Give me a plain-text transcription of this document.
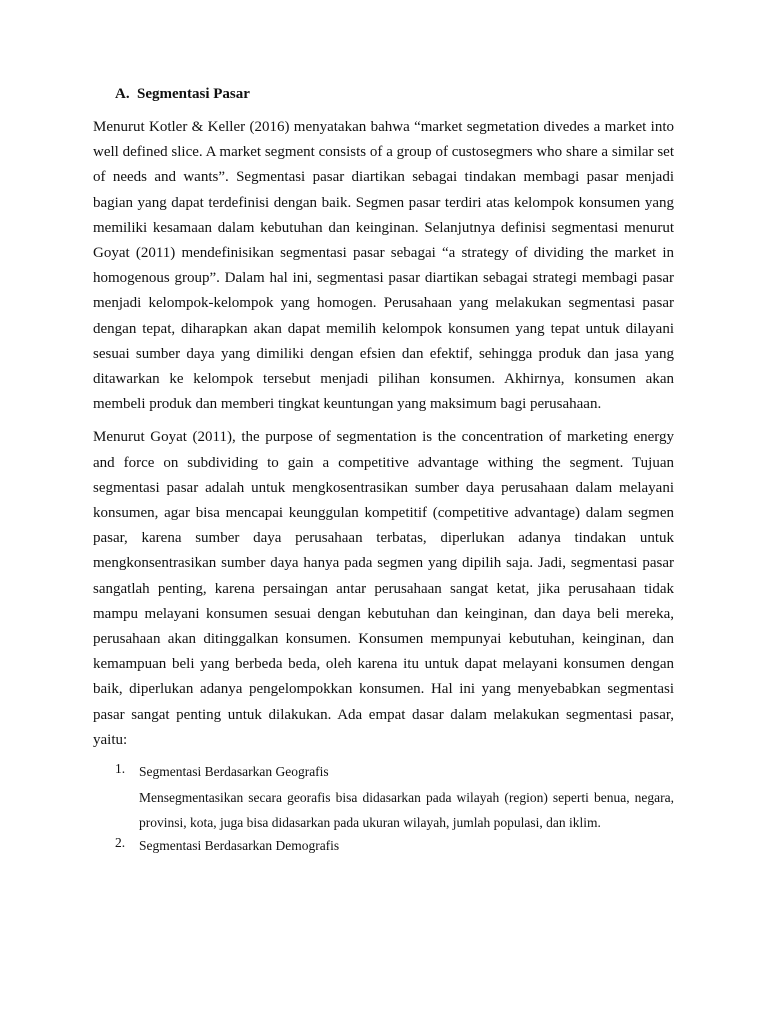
A. Segmentasi Pasar

Menurut Kotler & Keller (2016) menyatakan bahwa “market segmetation divedes a market into well defined slice. A market segment consists of a group of custosegmers who share a similar set of needs and wants”. Segmentasi pasar diartikan sebagai tindakan membagi pasar menjadi bagian yang dapat terdefinisi dengan baik. Segmen pasar terdiri atas kelompok konsumen yang memiliki kesamaan dalam kebutuhan dan keinginan. Selanjutnya definisi segmentasi menurut Goyat (2011) mendefinisikan segmentasi pasar sebagai “a strategy of dividing the market in homogenous group”. Dalam hal ini, segmentasi pasar diartikan sebagai strategi membagi pasar menjadi kelompok-kelompok yang homogen. Perusahaan yang melakukan segmentasi pasar dengan tepat, diharapkan akan dapat memilih kelompok konsumen yang tepat untuk dilayani sesuai sumber daya yang dimiliki dengan efsien dan efektif, sehingga produk dan jasa yang ditawarkan ke kelompok tersebut menjadi pilihan konsumen. Akhirnya, konsumen akan membeli produk dan memberi tingkat keuntungan yang maksimum bagi perusahaan.

Menurut Goyat (2011), the purpose of segmentation is the concentration of marketing energy and force on subdividing to gain a competitive advantage withing the segment. Tujuan segmentasi pasar adalah untuk mengkosentrasikan sumber daya perusahaan dalam melayani konsumen, agar bisa mencapai keunggulan kompetitif (competitive advantage) dalam segmen pasar, karena sumber daya perusahaan terbatas, diperlukan adanya tindakan untuk mengkonsentrasikan sumber daya hanya pada segmen yang dipilih saja. Jadi, segmentasi pasar sangatlah penting, karena persaingan antar perusahaan sangat ketat, jika perusahaan tidak mampu melayani konsumen sesuai dengan kebutuhan dan keinginan, dan daya beli mereka, perusahaan akan ditinggalkan konsumen. Konsumen mempunyai kebutuhan, keinginan, dan kemampuan beli yang berbeda beda, oleh karena itu untuk dapat melayani konsumen dengan baik, diperlukan adanya pengelompokkan konsumen. Hal ini yang menyebabkan segmentasi pasar sangat penting untuk dilakukan. Ada empat dasar dalam melakukan segmentasi pasar, yaitu:

1. Segmentasi Berdasarkan Geografis
Mensegmentasikan secara georafis bisa didasarkan pada wilayah (region) seperti benua, negara, provinsi, kota, juga bisa didasarkan pada ukuran wilayah, jumlah populasi, dan iklim.
2. Segmentasi Berdasarkan Demografis
